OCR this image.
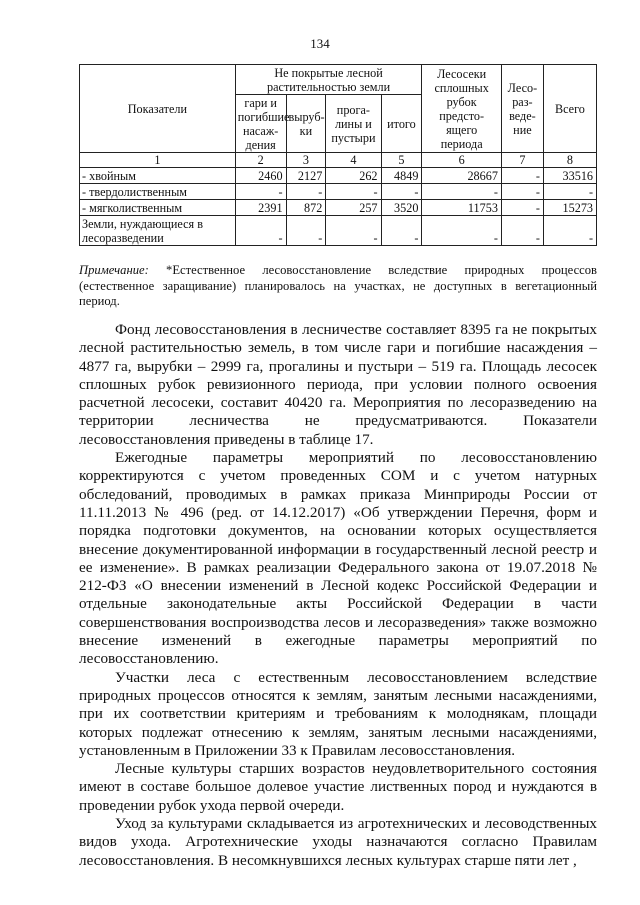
134
Показатели	Не покрытые лесной растительностью земли				Лесосеки сплошных рубок предсто-ящего периода	Лесо-раз-веде-ние	Всего
	гари и погибшие насаж-дения	выруб-ки	прога-лины и пустыри	итого			
1	2	3	4	5	6	7	8
- хвойным	2460	2127	262	4849	28667	-	33516
- твердолиственным	-	-	-	-	-	-	-
- мягколиственным	2391	872	257	3520	11753	-	15273
Земли, нуждающиеся в лесоразведении	-	-	-	-	-	-	-
Примечание: *Естественное лесовосстановление вследствие природных процессов (естественное заращивание) планировалось на участках, не доступных в вегетационный период.

Фонд лесовосстановления в лесничестве составляет 8395 га не покрытых лесной растительностью земель, в том числе гари и погибшие насаждения – 4877 га, вырубки – 2999 га, прогалины и пустыри – 519 га. Площадь лесосек сплошных рубок ревизионного периода, при условии полного освоения расчетной лесосеки, составит 40420 га. Мероприятия по лесоразведению на территории лесничества не предусматриваются. Показатели лесовосстановления приведены в таблице 17.

Ежегодные параметры мероприятий по лесовосстановлению корректируются с учетом проведенных СОМ и с учетом натурных обследований, проводимых в рамках приказа Минприроды России от 11.11.2013 № 496 (ред. от 14.12.2017) «Об утверждении Перечня, форм и порядка подготовки документов, на основании которых осуществляется внесение документированной информации в государственный лесной реестр и ее изменение». В рамках реализации Федерального закона от 19.07.2018 № 212-ФЗ «О внесении изменений в Лесной кодекс Российской Федерации и отдельные законодательные акты Российской Федерации в части совершенствования воспроизводства лесов и лесоразведения» также возможно внесение изменений в ежегодные параметры мероприятий по лесовосстановлению.

Участки леса с естественным лесовосстановлением вследствие природных процессов относятся к землям, занятым лесными насаждениями, при их соответствии критериям и требованиям к молоднякам, площади которых подлежат отнесению к землям, занятым лесными насаждениями, установленным в Приложении 33 к Правилам лесовосстановления.

Лесные культуры старших возрастов неудовлетворительного состояния имеют в составе большое долевое участие лиственных пород и нуждаются в проведении рубок ухода первой очереди.

Уход за культурами складывается из агротехнических и лесоводственных видов ухода. Агротехнические уходы назначаются согласно Правилам лесовосстановления. В несомкнувшихся лесных культурах старше пяти лет ,
